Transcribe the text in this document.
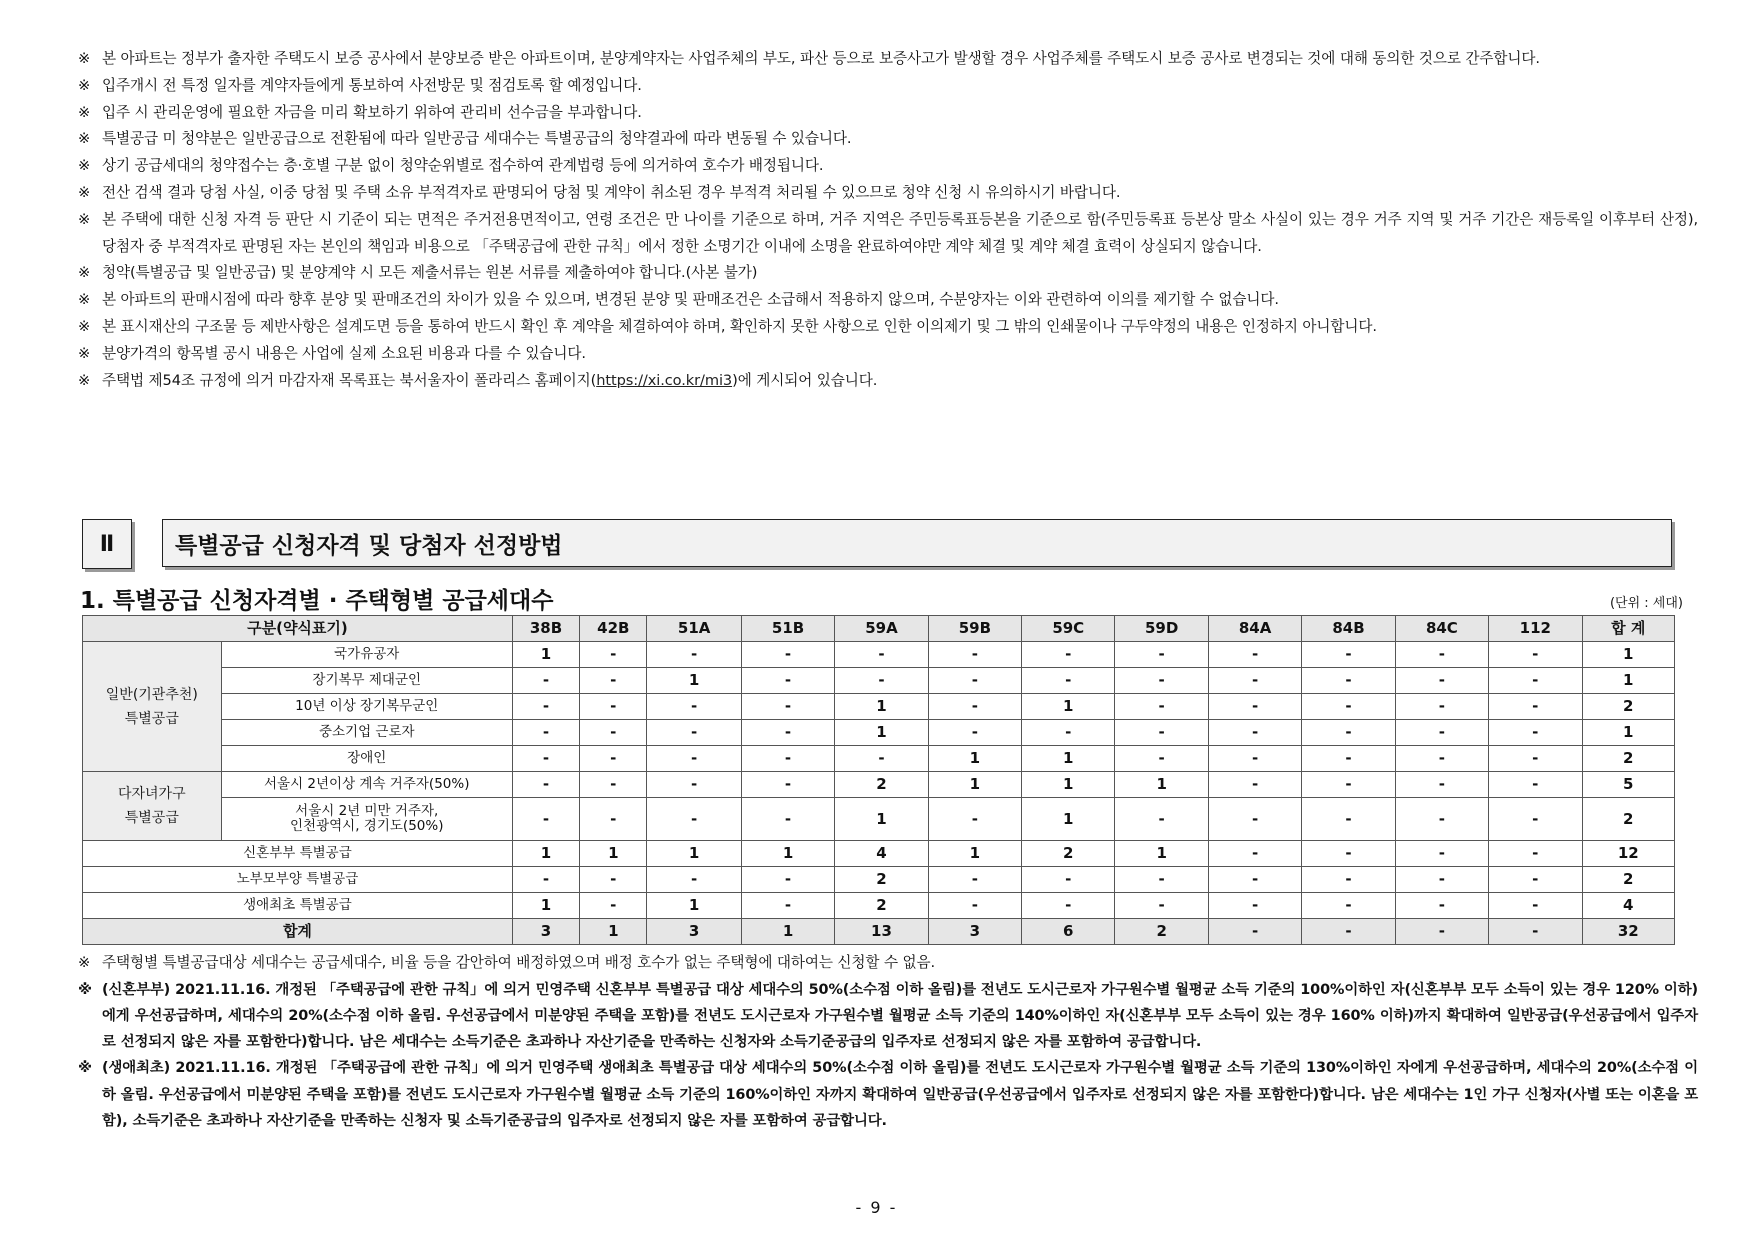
※ 본 아파트는 정부가 출자한 주택도시 보증 공사에서 분양보증 받은 아파트이며, 분양계약자는 사업주체의 부도, 파산 등으로 보증사고가 발생할 경우 사업주체를 주택도시 보증 공사로 변경되는 것에 대해 동의한 것으로 간주합니다.
※ 입주개시 전 특정 일자를 계약자들에게 통보하여 사전방문 및 점검토록 할 예정입니다.
※ 입주 시 관리운영에 필요한 자금을 미리 확보하기 위하여 관리비 선수금을 부과합니다.
※ 특별공급 미 청약분은 일반공급으로 전환됨에 따라 일반공급 세대수는 특별공급의 청약결과에 따라 변동될 수 있습니다.
※ 상기 공급세대의 청약접수는 층·호별 구분 없이 청약순위별로 접수하여 관계법령 등에 의거하여 호수가 배정됩니다.
※ 전산 검색 결과 당첨 사실, 이중 당첨 및 주택 소유 부적격자로 판명되어 당첨 및 계약이 취소된 경우 부적격 처리될 수 있으므로 청약 신청 시 유의하시기 바랍니다.
※ 본 주택에 대한 신청 자격 등 판단 시 기준이 되는 면적은 주거전용면적이고, 연령 조건은 만 나이를 기준으로 하며, 거주 지역은 주민등록표등본을 기준으로 함(주민등록표 등본상 말소 사실이 있는 경우 거주 지역 및 거주 기간은 재등록일 이후부터 산정), 당첨자 중 부적격자로 판명된 자는 본인의 책임과 비용으로 「주택공급에 관한 규칙」에서 정한 소명기간 이내에 소명을 완료하여야만 계약 체결 및 계약 체결 효력이 상실되지 않습니다.
※ 청약(특별공급 및 일반공급) 및 분양계약 시 모든 제출서류는 원본 서류를 제출하여야 합니다.(사본 불가)
※ 본 아파트의 판매시점에 따라 향후 분양 및 판매조건의 차이가 있을 수 있으며, 변경된 분양 및 판매조건은 소급해서 적용하지 않으며, 수분양자는 이와 관련하여 이의를 제기할 수 없습니다.
※ 본 표시재산의 구조물 등 제반사항은 설계도면 등을 통하여 반드시 확인 후 계약을 체결하여야 하며, 확인하지 못한 사항으로 인한 이의제기 및 그 밖의 인쇄물이나 구두약정의 내용은 인정하지 아니합니다.
※ 분양가격의 항목별 공시 내용은 사업에 실제 소요된 비용과 다를 수 있습니다.
※ 주택법 제54조 규정에 의거 마감자재 목록표는 북서울자이 폴라리스 홈페이지(https://xi.co.kr/mi3)에 게시되어 있습니다.
Ⅱ	특별공급 신청자격 및 당첨자 선정방법
1. 특별공급 신청자격별 · 주택형별 공급세대수	(단위 : 세대)
구분(약식표기)		38B	42B	51A	51B	59A	59B	59C	59D	84A	84B	84C	112	합 계
일반(기관추천)
특별공급	국가유공자	1	-	-	-	-	-	-	-	-	-	-	-	1
	장기복무 제대군인	-	-	1	-	-	-	-	-	-	-	-	-	1
	10년 이상 장기복무군인	-	-	-	-	1	-	1	-	-	-	-	-	2
	중소기업 근로자	-	-	-	-	1	-	-	-	-	-	-	-	1
	장애인	-	-	-	-	-	1	1	-	-	-	-	-	2
다자녀가구
특별공급	서울시 2년이상 계속 거주자(50%)	-	-	-	-	2	1	1	1	-	-	-	-	5
	서울시 2년 미만 거주자,
인천광역시, 경기도(50%)	-	-	-	-	1	-	1	-	-	-	-	-	2
신혼부부 특별공급		1	1	1	1	4	1	2	1	-	-	-	-	12
노부모부양 특별공급		-	-	-	-	2	-	-	-	-	-	-	-	2
생애최초 특별공급		1	-	1	-	2	-	-	-	-	-	-	-	4
합계		3	1	3	1	13	3	6	2	-	-	-	-	32
※ 주택형별 특별공급대상 세대수는 공급세대수, 비율 등을 감안하여 배정하였으며 배정 호수가 없는 주택형에 대하여는 신청할 수 없음.
※ (신혼부부) 2021.11.16. 개정된 「주택공급에 관한 규칙」에 의거 민영주택 신혼부부 특별공급 대상 세대수의 50%(소수점 이하 올림)를 전년도 도시근로자 가구원수별 월평균 소득 기준의 100%이하인 자(신혼부부 모두 소득이 있는 경우 120% 이하)에게 우선공급하며, 세대수의 20%(소수점 이하 올림. 우선공급에서 미분양된 주택을 포함)를 전년도 도시근로자 가구원수별 월평균 소득 기준의 140%이하인 자(신혼부부 모두 소득이 있는 경우 160% 이하)까지 확대하여 일반공급(우선공급에서 입주자로 선정되지 않은 자를 포함한다)합니다. 남은 세대수는 소득기준은 초과하나 자산기준을 만족하는 신청자와 소득기준공급의 입주자로 선정되지 않은 자를 포함하여 공급합니다.
※ (생애최초) 2021.11.16. 개정된 「주택공급에 관한 규칙」에 의거 민영주택 생애최초 특별공급 대상 세대수의 50%(소수점 이하 올림)를 전년도 도시근로자 가구원수별 월평균 소득 기준의 130%이하인 자에게 우선공급하며, 세대수의 20%(소수점 이하 올림. 우선공급에서 미분양된 주택을 포함)를 전년도 도시근로자 가구원수별 월평균 소득 기준의 160%이하인 자까지 확대하여 일반공급(우선공급에서 입주자로 선정되지 않은 자를 포함한다)합니다. 남은 세대수는 1인 가구 신청자(사별 또는 이혼을 포함), 소득기준은 초과하나 자산기준을 만족하는 신청자 및 소득기준공급의 입주자로 선정되지 않은 자를 포함하여 공급합니다.
- 9 -
